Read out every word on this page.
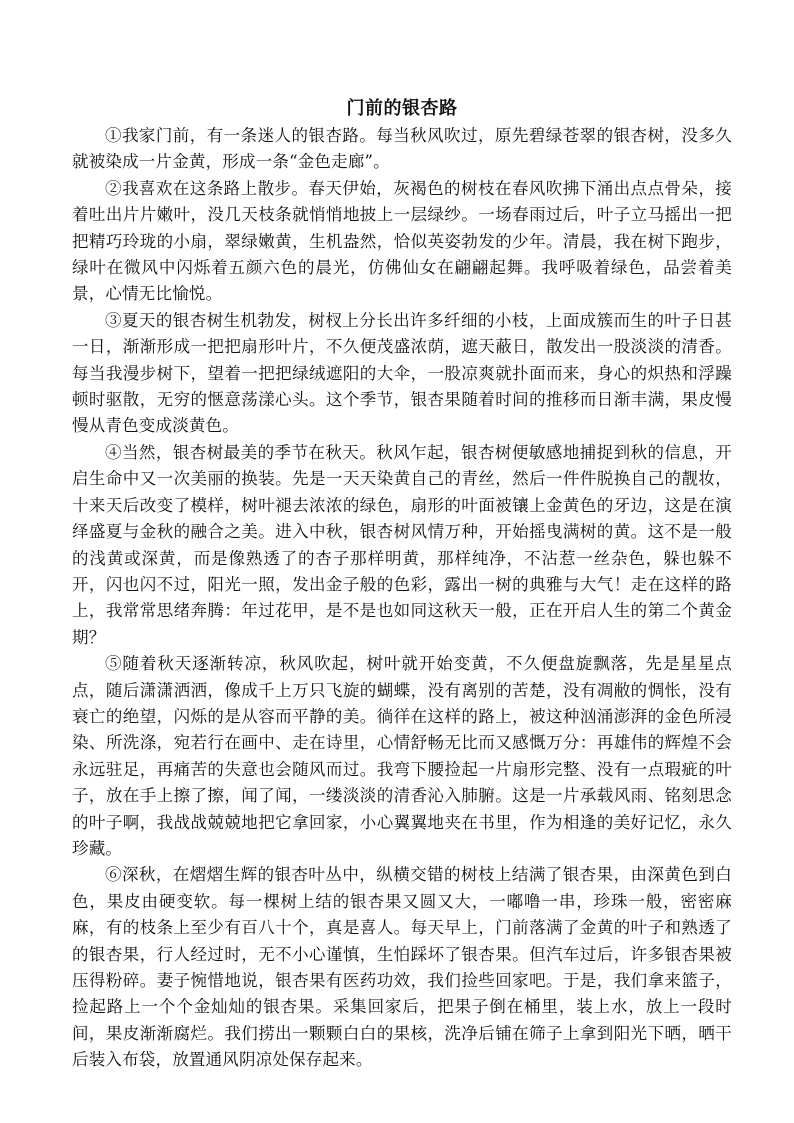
门前的银杏路

①我家门前，有一条迷人的银杏路。每当秋风吹过，原先碧绿苍翠的银杏树，没多久就被染成一片金黄，形成一条“金色走廊”。

②我喜欢在这条路上散步。春天伊始，灰褐色的树枝在春风吹拂下涌出点点骨朵，接着吐出片片嫩叶，没几天枝条就悄悄地披上一层绿纱。一场春雨过后，叶子立马摇出一把把精巧玲珑的小扇，翠绿嫩黄，生机盎然，恰似英姿勃发的少年。清晨，我在树下跑步，绿叶在微风中闪烁着五颜六色的晨光，仿佛仙女在翩翩起舞。我呼吸着绿色，品尝着美景，心情无比愉悦。

③夏天的银杏树生机勃发，树杈上分长出许多纤细的小枝，上面成簇而生的叶子日甚一日，渐渐形成一把把扇形叶片，不久便茂盛浓荫，遮天蔽日，散发出一股淡淡的清香。每当我漫步树下，望着一把把绿绒遮阳的大伞，一股凉爽就扑面而来，身心的炽热和浮躁顿时驱散，无穷的惬意荡漾心头。这个季节，银杏果随着时间的推移而日渐丰满，果皮慢慢从青色变成淡黄色。

④当然，银杏树最美的季节在秋天。秋风乍起，银杏树便敏感地捕捉到秋的信息，开启生命中又一次美丽的换装。先是一天天染黄自己的青丝，然后一件件脱换自己的靓妆，十来天后改变了模样，树叶褪去浓浓的绿色，扇形的叶面被镶上金黄色的牙边，这是在演绎盛夏与金秋的融合之美。进入中秋，银杏树风情万种，开始摇曳满树的黄。这不是一般的浅黄或深黄，而是像熟透了的杏子那样明黄，那样纯净，不沾惹一丝杂色，躲也躲不开，闪也闪不过，阳光一照，发出金子般的色彩，露出一树的典雅与大气！走在这样的路上，我常常思绪奔腾：年过花甲，是不是也如同这秋天一般，正在开启人生的第二个黄金期？

⑤随着秋天逐渐转凉，秋风吹起，树叶就开始变黄，不久便盘旋飘落，先是星星点点，随后潇潇洒洒，像成千上万只飞旋的蝴蝶，没有离别的苦楚，没有凋敝的惆怅，没有衰亡的绝望，闪烁的是从容而平静的美。徜徉在这样的路上，被这种汹涌澎湃的金色所浸染、所洗涤，宛若行在画中、走在诗里，心情舒畅无比而又感慨万分：再雄伟的辉煌不会永远驻足，再痛苦的失意也会随风而过。我弯下腰捡起一片扇形完整、没有一点瑕疵的叶子，放在手上擦了擦，闻了闻，一缕淡淡的清香沁入肺腑。这是一片承载风雨、铭刻思念的叶子啊，我战战兢兢地把它拿回家，小心翼翼地夹在书里，作为相逢的美好记忆，永久珍藏。

⑥深秋，在熠熠生辉的银杏叶丛中，纵横交错的树枝上结满了银杏果，由深黄色到白色，果皮由硬变软。每一棵树上结的银杏果又圆又大，一嘟噜一串，珍珠一般，密密麻麻，有的枝条上至少有百八十个，真是喜人。每天早上，门前落满了金黄的叶子和熟透了的银杏果，行人经过时，无不小心谨慎，生怕踩坏了银杏果。但汽车过后，许多银杏果被压得粉碎。妻子惋惜地说，银杏果有医药功效，我们捡些回家吧。于是，我们拿来篮子，捡起路上一个个金灿灿的银杏果。采集回家后，把果子倒在桶里，装上水，放上一段时间，果皮渐渐腐烂。我们捞出一颗颗白白的果核，洗净后铺在筛子上拿到阳光下晒，晒干后装入布袋，放置通风阴凉处保存起来。
